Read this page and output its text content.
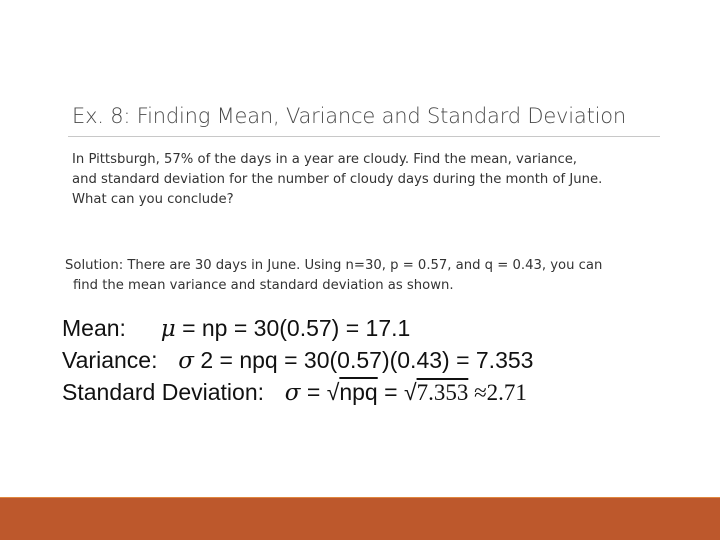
Ex. 8: Finding Mean, Variance and Standard Deviation
In Pittsburgh, 57% of the days in a year are cloudy. Find the mean, variance,
and standard deviation for the number of cloudy days during the month of June.
What can you conclude?
Solution: There are 30 days in June. Using n=30, p = 0.57, and q = 0.43, you can
find the mean variance and standard deviation as shown.
Mean: μ = np = 30(0.57) = 17.1
Variance: σ 2 = npq = 30(0.57)(0.43) = 7.353
Standard Deviation: σ = √npq = √7.353 ≈2.71
